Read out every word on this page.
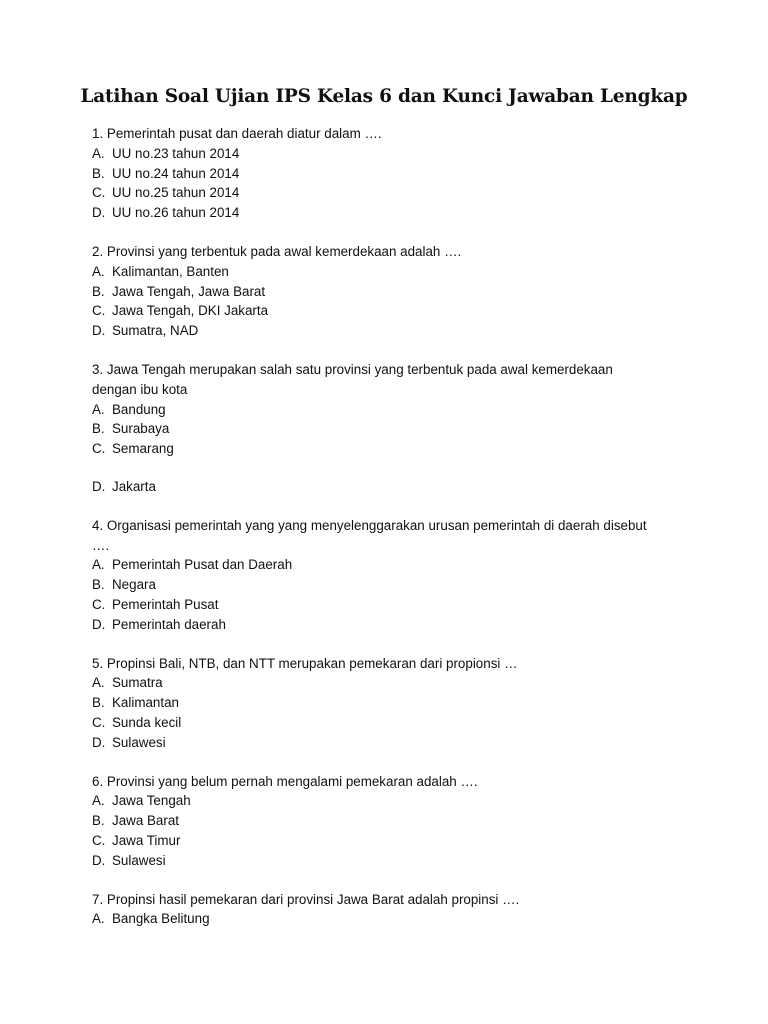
Latihan Soal Ujian IPS Kelas 6 dan Kunci Jawaban Lengkap
1. Pemerintah pusat dan daerah diatur dalam ….
A. UU no.23 tahun 2014
B. UU no.24 tahun 2014
C. UU no.25 tahun 2014
D. UU no.26 tahun 2014
2. Provinsi yang terbentuk pada awal kemerdekaan adalah ….
A. Kalimantan, Banten
B. Jawa Tengah, Jawa Barat
C. Jawa Tengah, DKI Jakarta
D. Sumatra, NAD
3. Jawa Tengah merupakan salah satu provinsi yang terbentuk pada awal kemerdekaan dengan ibu kota
A. Bandung
B. Surabaya
C. Semarang
D. Jakarta
4. Organisasi pemerintah yang yang menyelenggarakan urusan pemerintah di daerah disebut ….
A. Pemerintah Pusat dan Daerah
B. Negara
C. Pemerintah Pusat
D. Pemerintah daerah
5. Propinsi Bali, NTB, dan NTT merupakan pemekaran dari propionsi …
A. Sumatra
B. Kalimantan
C. Sunda kecil
D. Sulawesi
6. Provinsi yang belum pernah mengalami pemekaran adalah ….
A. Jawa Tengah
B. Jawa Barat
C. Jawa Timur
D. Sulawesi
7. Propinsi hasil pemekaran dari provinsi Jawa Barat adalah propinsi ….
A. Bangka Belitung
